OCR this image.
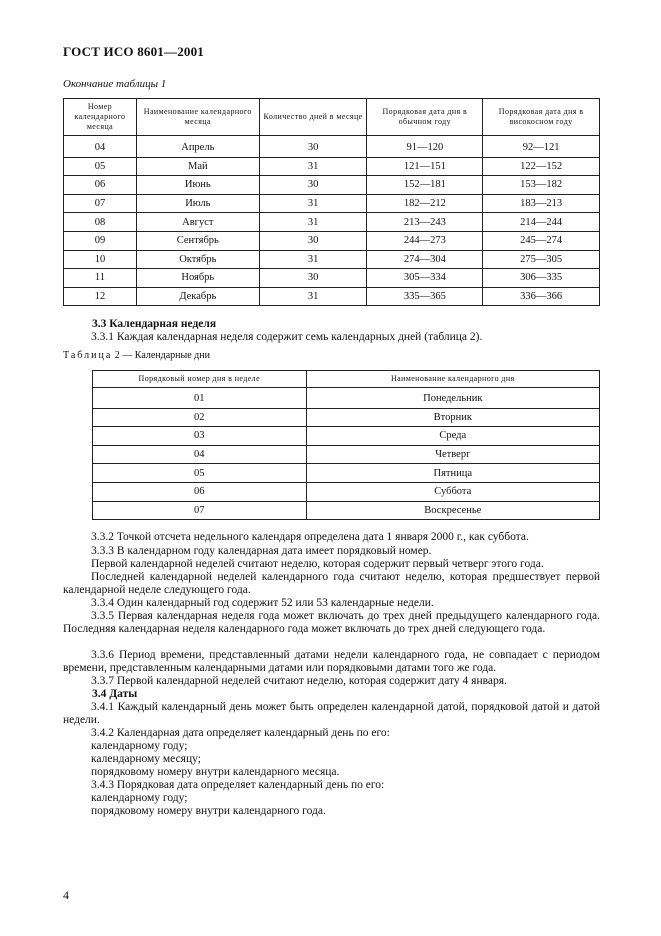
ГОСТ ИСО 8601—2001
Окончание таблицы 1
Номер календарного месяца	Наименование календарного месяца	Количество дней в месяце	Порядковая дата дня в обычном году	Порядковая дата дня в високосном году
04	Апрель	30	91—120	92—121
05	Май	31	121—151	122—152
06	Июнь	30	152—181	153—182
07	Июль	31	182—212	183—213
08	Август	31	213—243	214—244
09	Сентябрь	30	244—273	245—274
10	Октябрь	31	274—304	275—305
11	Ноябрь	30	305—334	306—335
12	Декабрь	31	335—365	336—366
3.3 Календарная неделя
3.3.1 Каждая календарная неделя содержит семь календарных дней (таблица 2).
Таблица 2 — Календарные дни
Порядковый номер дня в неделе	Наименование календарного дня
01	Понедельник
02	Вторник
03	Среда
04	Четверг
05	Пятница
06	Суббота
07	Воскресенье
3.3.2 Точкой отсчета недельного календаря определена дата 1 января 2000 г., как суббота.
3.3.3 В календарном году календарная дата имеет порядковый номер.
Первой календарной неделей считают неделю, которая содержит первый четверг этого года.
Последней календарной неделей календарного года считают неделю, которая предшествует первой календарной неделе следующего года.
3.3.4 Один календарный год содержит 52 или 53 календарные недели.
3.3.5 Первая календарная неделя года может включать до трех дней предыдущего календарного года. Последняя календарная неделя календарного года может включать до трех дней следующего года.
3.3.6 Период времени, представленный датами недели календарного года, не совпадает с периодом времени, представленным календарными датами или порядковыми датами того же года.
3.3.7 Первой календарной неделей считают неделю, которая содержит дату 4 января.
3.4 Даты
3.4.1 Каждый календарный день может быть определен календарной датой, порядковой датой и датой недели.
3.4.2 Календарная дата определяет календарный день по его:
календарному году;
календарному месяцу;
порядковому номеру внутри календарного месяца.
3.4.3 Порядковая дата определяет календарный день по его:
календарному году;
порядковому номеру внутри календарного года.
4
